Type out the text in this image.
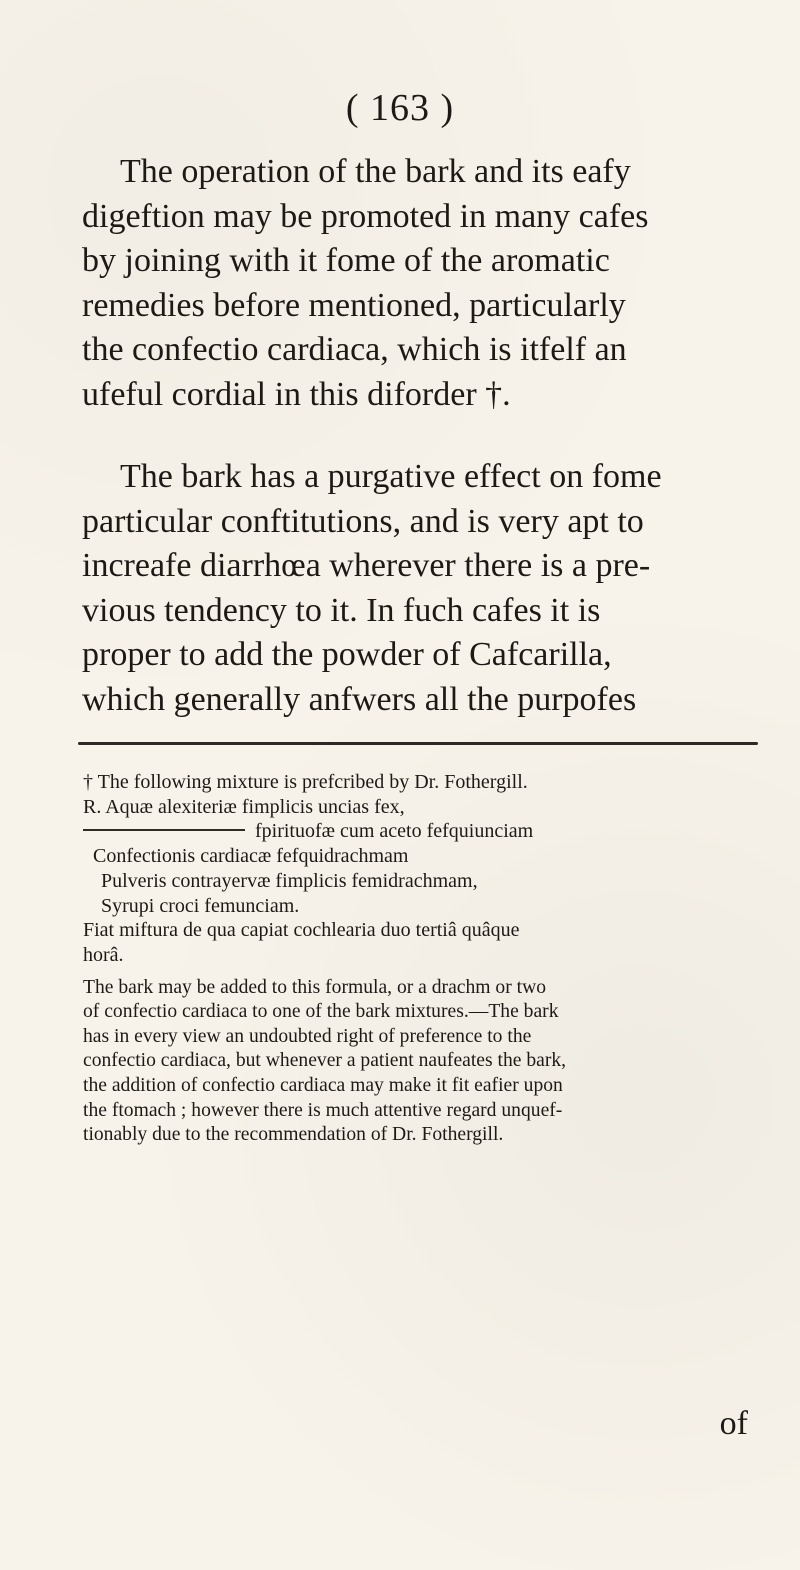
( 163 )
The operation of the bark and its eafy
digeftion may be promoted in many cafes
by joining with it fome of the aromatic
remedies before mentioned, particularly
the confectio cardiaca, which is itfelf an
ufeful cordial in this diforder †.
The bark has a purgative effect on fome
particular conftitutions, and is very apt to
increafe diarrhœa wherever there is a pre-
vious tendency to it. In fuch cafes it is
proper to add the powder of Cafcarilla,
which generally anfwers all the purpofes
† The following mixture is prefcribed by Dr. Fothergill.
R. Aquæ alexiteriæ fimplicis uncias fex,
fpirituofæ cum aceto fefquiunciam
Confectionis cardiacæ fefquidrachmam
Pulveris contrayervæ fimplicis femidrachmam,
Syrupi croci femunciam.
Fiat miftura de qua capiat cochlearia duo tertiâ quâque
horâ.
The bark may be added to this formula, or a drachm or two
of confectio cardiaca to one of the bark mixtures.—The bark
has in every view an undoubted right of preference to the
confectio cardiaca, but whenever a patient naufeates the bark,
the addition of confectio cardiaca may make it fit eafier upon
the ftomach ; however there is much attentive regard unquef-
tionably due to the recommendation of Dr. Fothergill.
of
